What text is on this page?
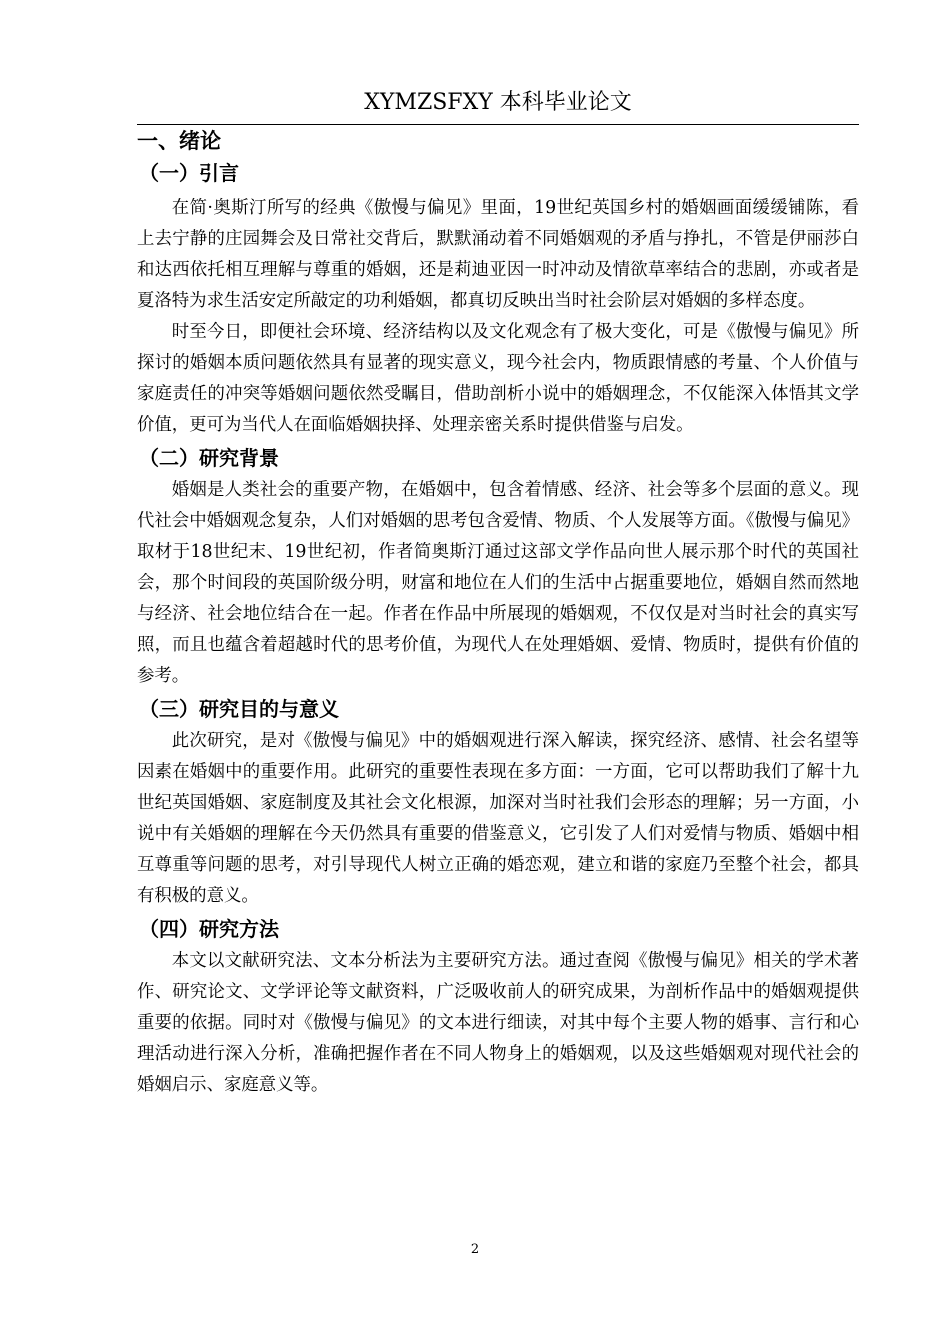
XYMZSFXY 本科毕业论文
一、绪论
（一）引言

在简·奥斯汀所写的经典《傲慢与偏见》里面，19世纪英国乡村的婚姻画面缓缓铺陈，看上去宁静的庄园舞会及日常社交背后，默默涌动着不同婚姻观的矛盾与挣扎，不管是伊丽莎白和达西依托相互理解与尊重的婚姻，还是莉迪亚因一时冲动及情欲草率结合的悲剧，亦或者是夏洛特为求生活安定所敲定的功利婚姻，都真切反映出当时社会阶层对婚姻的多样态度。

时至今日，即便社会环境、经济结构以及文化观念有了极大变化，可是《傲慢与偏见》所探讨的婚姻本质问题依然具有显著的现实意义，现今社会内，物质跟情感的考量、个人价值与家庭责任的冲突等婚姻问题依然受瞩目，借助剖析小说中的婚姻理念，不仅能深入体悟其文学价值，更可为当代人在面临婚姻抉择、处理亲密关系时提供借鉴与启发。

（二）研究背景

婚姻是人类社会的重要产物，在婚姻中，包含着情感、经济、社会等多个层面的意义。现代社会中婚姻观念复杂，人们对婚姻的思考包含爱情、物质、个人发展等方面。《傲慢与偏见》取材于18世纪末、19世纪初，作者简奥斯汀通过这部文学作品向世人展示那个时代的英国社会，那个时间段的英国阶级分明，财富和地位在人们的生活中占据重要地位，婚姻自然而然地与经济、社会地位结合在一起。作者在作品中所展现的婚姻观，不仅仅是对当时社会的真实写照，而且也蕴含着超越时代的思考价值，为现代人在处理婚姻、爱情、物质时，提供有价值的参考。

（三）研究目的与意义

此次研究，是对《傲慢与偏见》中的婚姻观进行深入解读，探究经济、感情、社会名望等因素在婚姻中的重要作用。此研究的重要性表现在多方面：一方面，它可以帮助我们了解十九世纪英国婚姻、家庭制度及其社会文化根源，加深对当时社我们会形态的理解；另一方面，小说中有关婚姻的理解在今天仍然具有重要的借鉴意义，它引发了人们对爱情与物质、婚姻中相互尊重等问题的思考，对引导现代人树立正确的婚恋观，建立和谐的家庭乃至整个社会，都具有积极的意义。

（四）研究方法

本文以文献研究法、文本分析法为主要研究方法。通过查阅《傲慢与偏见》相关的学术著作、研究论文、文学评论等文献资料，广泛吸收前人的研究成果，为剖析作品中的婚姻观提供重要的依据。同时对《傲慢与偏见》的文本进行细读，对其中每个主要人物的婚事、言行和心理活动进行深入分析，准确把握作者在不同人物身上的婚姻观，以及这些婚姻观对现代社会的婚姻启示、家庭意义等。

2
